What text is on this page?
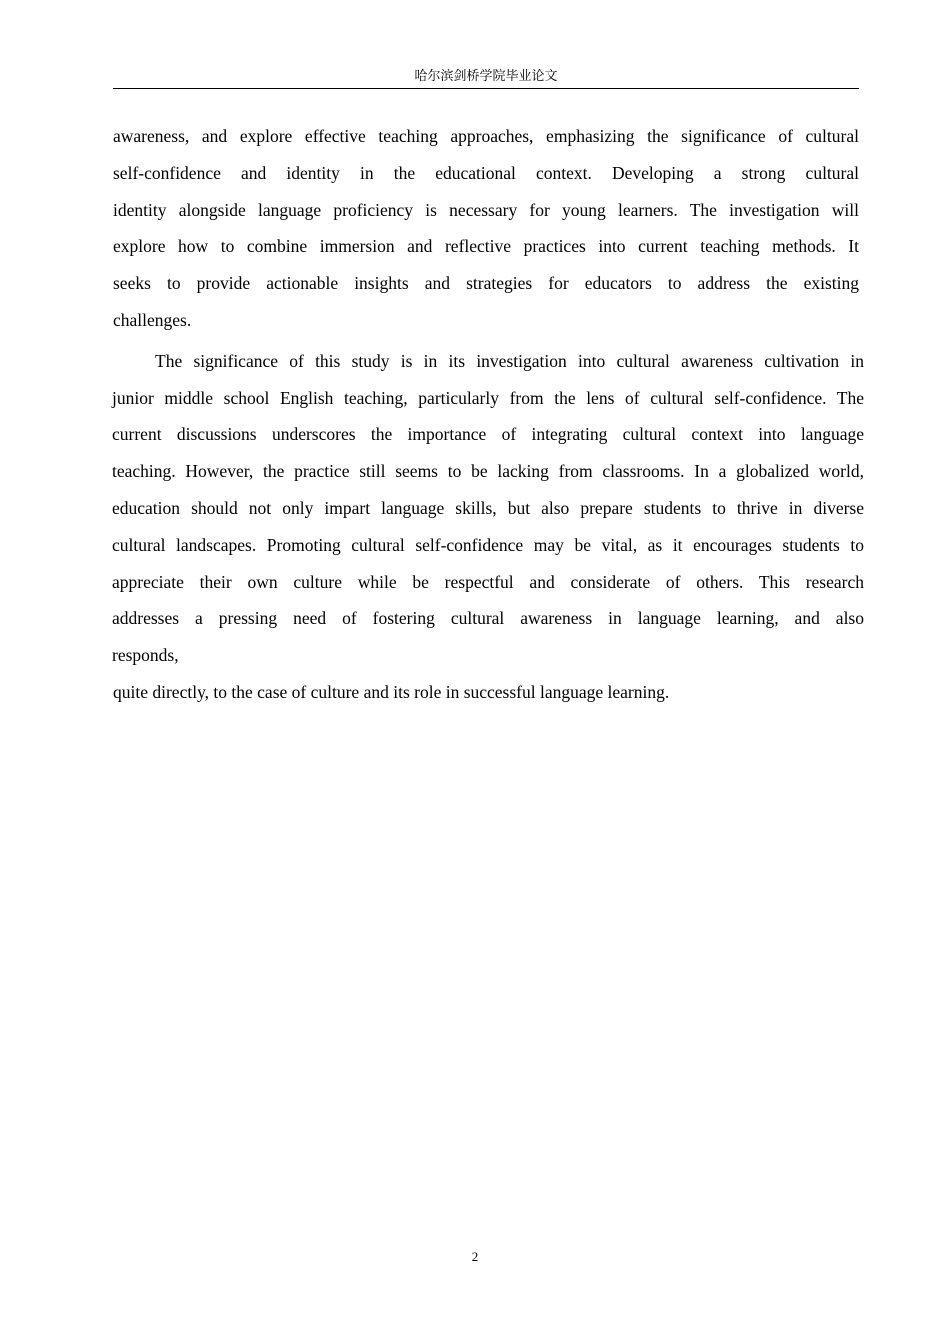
哈尔滨剑桥学院毕业论文

awareness, and explore effective teaching approaches, emphasizing the significance of cultural
self-confidence and identity in the educational context. Developing a strong cultural
identity alongside language proficiency is necessary for young learners. The investigation will
explore how to combine immersion and reflective practices into current teaching methods. It
seeks to provide actionable insights and strategies for educators to address the existing
challenges.

The significance of this study is in its investigation into cultural awareness cultivation in
junior middle school English teaching, particularly from the lens of cultural self-confidence. The
current discussions underscores the importance of integrating cultural context into language
teaching. However, the practice still seems to be lacking from classrooms. In a globalized world,
education should not only impart language skills, but also prepare students to thrive in diverse
cultural landscapes. Promoting cultural self-confidence may be vital, as it encourages students to
appreciate their own culture while be respectful and considerate of others. This research
addresses a pressing need of fostering cultural awareness in language learning, and also
responds,

quite directly, to the case of culture and its role in successful language learning.

2
